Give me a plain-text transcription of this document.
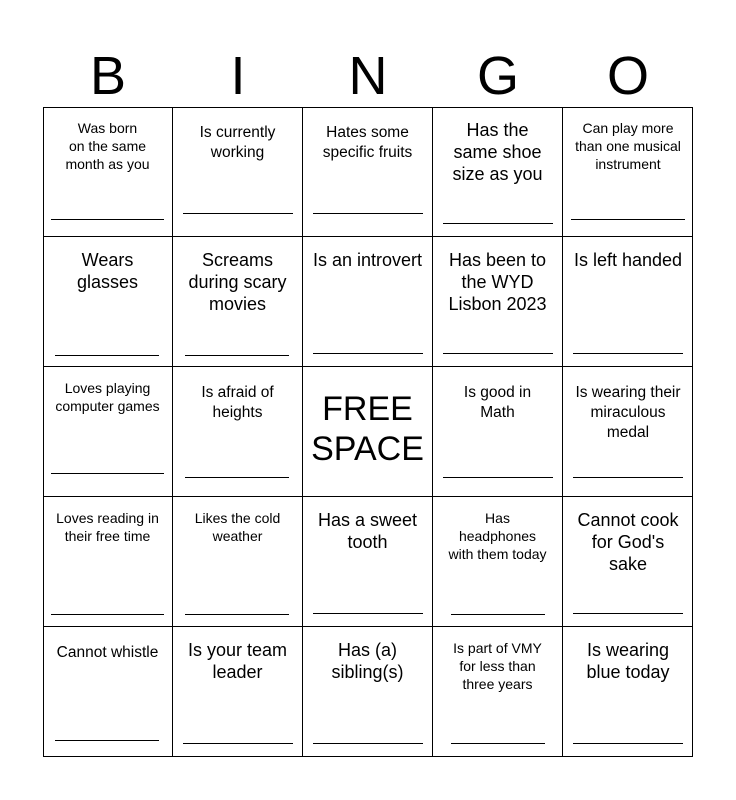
B	I	N	G	O
Was born
on the same
month as you
Is currently
working
Hates some
specific fruits
Has the
same shoe
size as you
Can play more
than one musical
instrument
Wears
glasses
Screams
during scary
movies
Is an introvert	Has been to
the WYD
Lisbon 2023
Is left handed
Loves playing
computer games
Is afraid of
heights	FREE
SPACE
Is good in
Math
Is wearing their
miraculous
medal
Loves reading in
their free time
Likes the cold
weather
Has a sweet
tooth
Has
headphones
with them today
Cannot cook
for God's
sake
Cannot whistle	Is your team
leader
Has (a)
sibling(s)
Is part of VMY
for less than
three years
Is wearing
blue today
